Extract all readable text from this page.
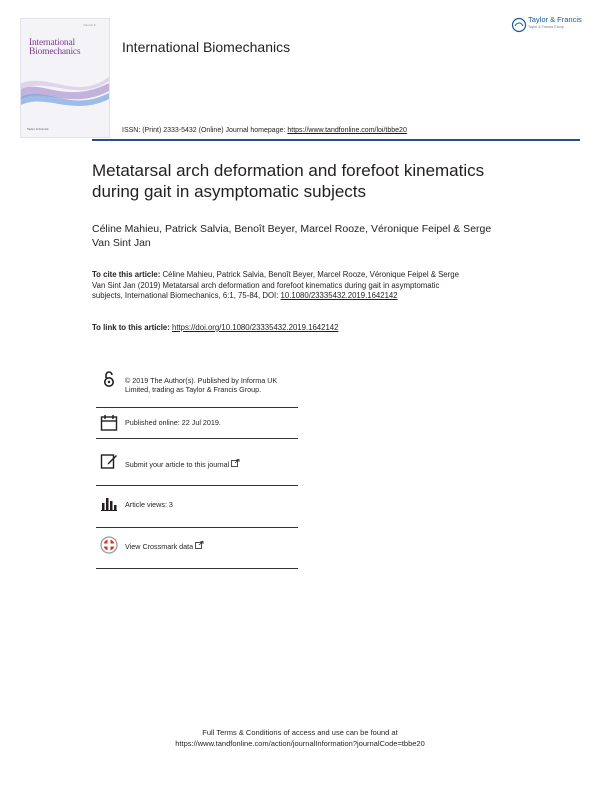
Volume 6
International
Biomechanics
Taylor & Francis
International Biomechanics
Taylor & Francis
Taylor & Francis Group
ISSN: (Print) 2333-5432 (Online) Journal homepage: https://www.tandfonline.com/loi/tbbe20
Metatarsal arch deformation and forefoot kinematics during gait in asymptomatic subjects
Céline Mahieu, Patrick Salvia, Benoît Beyer, Marcel Rooze, Véronique Feipel & Serge Van Sint Jan
To cite this article: Céline Mahieu, Patrick Salvia, Benoît Beyer, Marcel Rooze, Véronique Feipel & Serge Van Sint Jan (2019) Metatarsal arch deformation and forefoot kinematics during gait in asymptomatic subjects, International Biomechanics, 6:1, 75-84, DOI: 10.1080/23335432.2019.1642142
To link to this article: https://doi.org/10.1080/23335432.2019.1642142
© 2019 The Author(s). Published by Informa UK Limited, trading as Taylor & Francis Group.
Published online: 22 Jul 2019.
Submit your article to this journal
Article views: 3
View Crossmark data
Full Terms & Conditions of access and use can be found at
https://www.tandfonline.com/action/journalInformation?journalCode=tbbe20
